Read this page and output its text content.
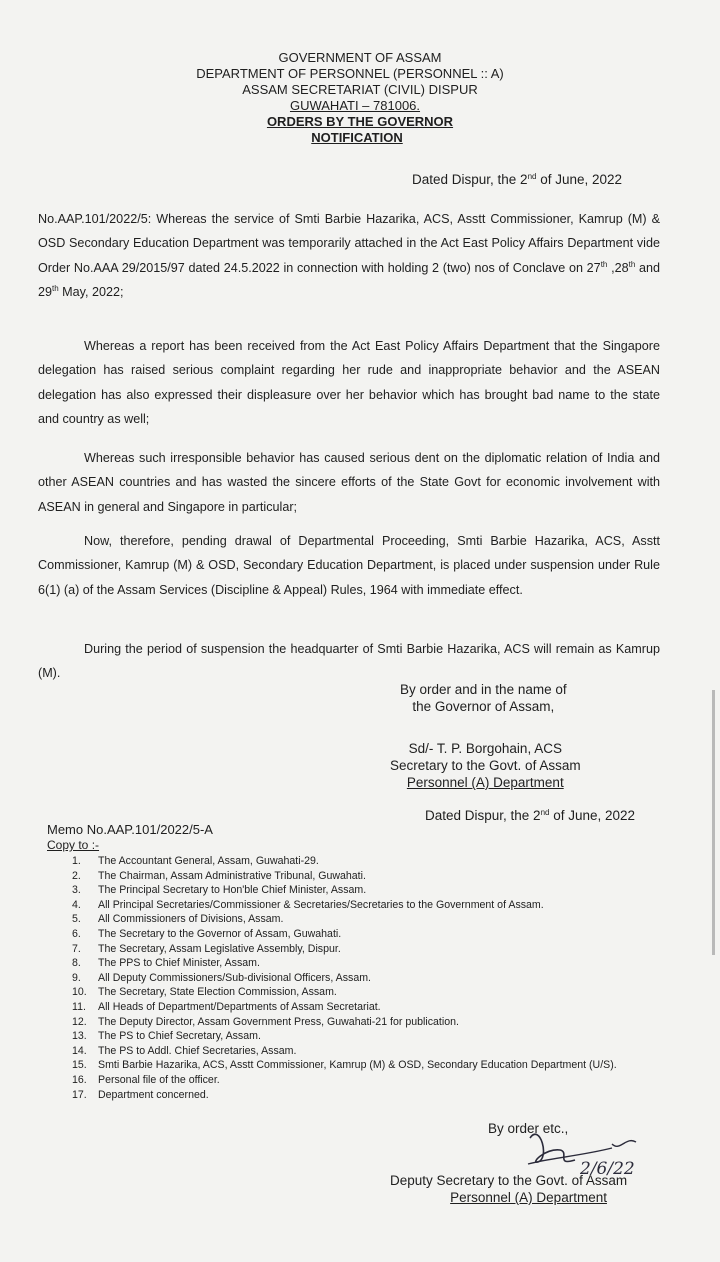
GOVERNMENT OF ASSAM
DEPARTMENT OF PERSONNEL (PERSONNEL :: A)
ASSAM SECRETARIAT (CIVIL) DISPUR
GUWAHATI – 781006.
ORDERS BY THE GOVERNOR
NOTIFICATION
Dated Dispur, the 2nd of June, 2022
No.AAP.101/2022/5: Whereas the service of Smti Barbie Hazarika, ACS, Asstt Commissioner, Kamrup (M) & OSD Secondary Education Department was temporarily attached in the Act East Policy Affairs Department vide Order No.AAA 29/2015/97 dated 24.5.2022 in connection with holding 2 (two) nos of Conclave on 27th ,28th and 29th May, 2022;
Whereas a report has been received from the Act East Policy Affairs Department that the Singapore delegation has raised serious complaint regarding her rude and inappropriate behavior and the ASEAN delegation has also expressed their displeasure over her behavior which has brought bad name to the state and country as well;
Whereas such irresponsible behavior has caused serious dent on the diplomatic relation of India and other ASEAN countries and has wasted the sincere efforts of the State Govt for economic involvement with ASEAN in general and Singapore in particular;
Now, therefore, pending drawal of Departmental Proceeding, Smti Barbie Hazarika, ACS, Asstt Commissioner, Kamrup (M) & OSD, Secondary Education Department, is placed under suspension under Rule 6(1) (a) of the Assam Services (Discipline & Appeal) Rules, 1964 with immediate effect.
During the period of suspension the headquarter of Smti Barbie Hazarika, ACS will remain as Kamrup (M).
By order and in the name of
the Governor of Assam,
Sd/- T. P. Borgohain, ACS
Secretary to the Govt. of Assam
Personnel (A) Department
Memo No.AAP.101/2022/5-A
Dated Dispur, the 2nd of June, 2022
Copy to :-
1. The Accountant General, Assam, Guwahati-29.
2. The Chairman, Assam Administrative Tribunal, Guwahati.
3. The Principal Secretary to Hon'ble Chief Minister, Assam.
4. All Principal Secretaries/Commissioner & Secretaries/Secretaries to the Government of Assam.
5. All Commissioners of Divisions, Assam.
6. The Secretary to the Governor of Assam, Guwahati.
7. The Secretary, Assam Legislative Assembly, Dispur.
8. The PPS to Chief Minister, Assam.
9. All Deputy Commissioners/Sub-divisional Officers, Assam.
10. The Secretary, State Election Commission, Assam.
11. All Heads of Department/Departments of Assam Secretariat.
12. The Deputy Director, Assam Government Press, Guwahati-21 for publication.
13. The PS to Chief Secretary, Assam.
14. The PS to Addl. Chief Secretaries, Assam.
15. Smti Barbie Hazarika, ACS, Asstt Commissioner, Kamrup (M) & OSD, Secondary Education Department (U/S).
16. Personal file of the officer.
17. Department concerned.
By order etc.,
2/6/22
Deputy Secretary to the Govt. of Assam
Personnel (A) Department
